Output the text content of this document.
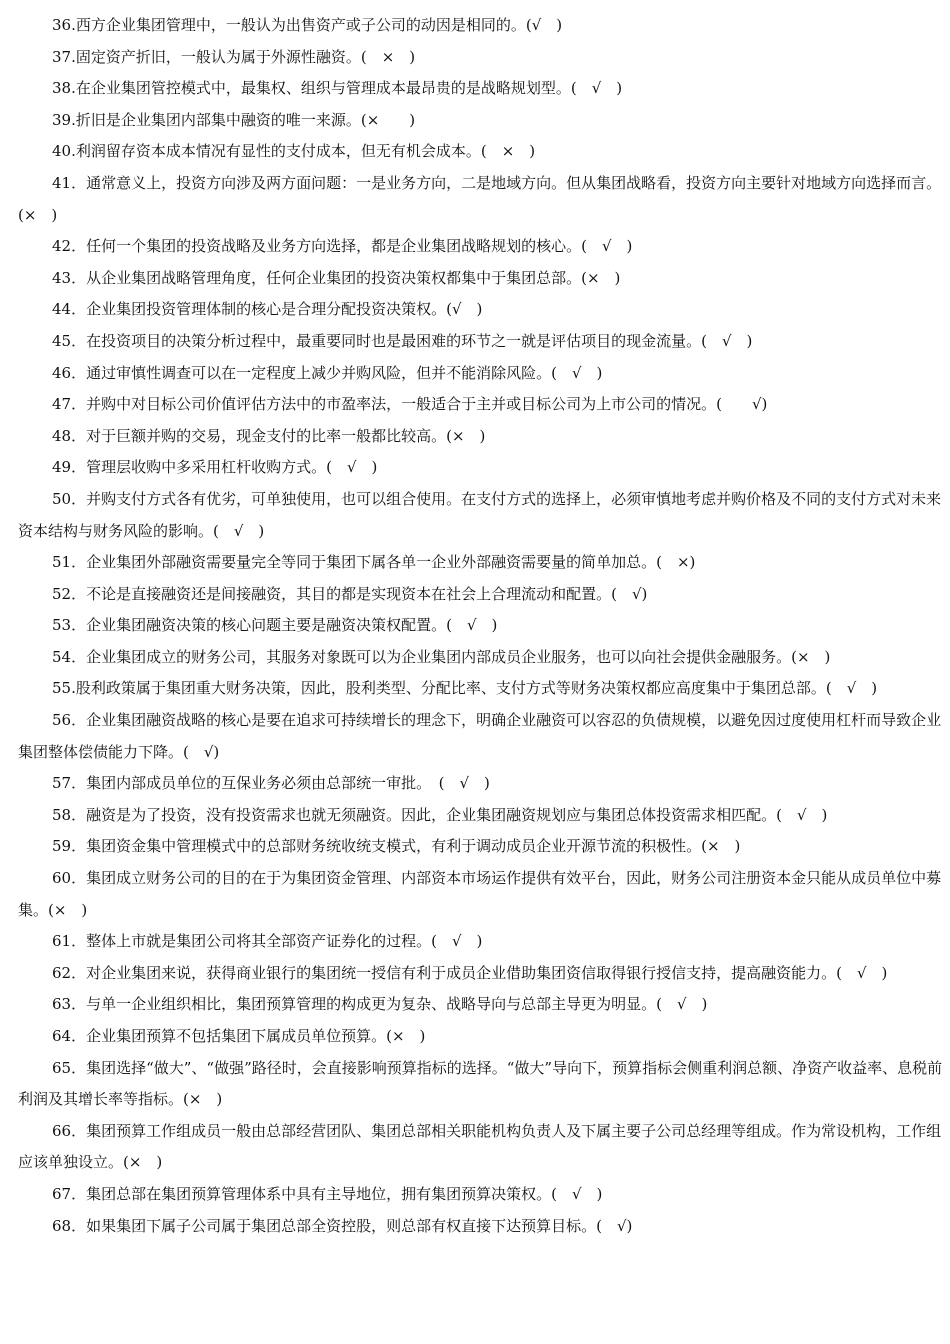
36.西方企业集团管理中，一般认为出售资产或子公司的动因是相同的。(√　)

37.固定资产折旧，一般认为属于外源性融资。(　×　)

38.在企业集团管控模式中，最集权、组织与管理成本最昂贵的是战略规划型。(　√　)

39.折旧是企业集团内部集中融资的唯一来源。(×　　)

40.利润留存资本成本情况有显性的支付成本，但无有机会成本。(　×　)

41．通常意义上，投资方向涉及两方面问题：一是业务方向，二是地域方向。但从集团战略看，投资方向主要针对地域方向选择而言。(×　)

42．任何一个集团的投资战略及业务方向选择，都是企业集团战略规划的核心。(　√　)

43．从企业集团战略管理角度，任何企业集团的投资决策权都集中于集团总部。(×　)

44．企业集团投资管理体制的核心是合理分配投资决策权。(√　)

45．在投资项目的决策分析过程中，最重要同时也是最困难的环节之一就是评估项目的现金流量。(　√　)

46．通过审慎性调查可以在一定程度上减少并购风险，但并不能消除风险。(　√　)

47．并购中对目标公司价值评估方法中的市盈率法，一般适合于主并或目标公司为上市公司的情况。(　　√)

48．对于巨额并购的交易，现金支付的比率一般都比较高。(×　)

49．管理层收购中多采用杠杆收购方式。(　√　)

50．并购支付方式各有优劣，可单独使用，也可以组合使用。在支付方式的选择上，必须审慎地考虑并购价格及不同的支付方式对未来资本结构与财务风险的影响。(　√　)

51．企业集团外部融资需要量完全等同于集团下属各单一企业外部融资需要量的简单加总。(　×)

52．不论是直接融资还是间接融资，其目的都是实现资本在社会上合理流动和配置。(　√)

53．企业集团融资决策的核心问题主要是融资决策权配置。(　√　)

54．企业集团成立的财务公司，其服务对象既可以为企业集团内部成员企业服务，也可以向社会提供金融服务。(×　)

55.股利政策属于集团重大财务决策，因此，股利类型、分配比率、支付方式等财务决策权都应高度集中于集团总部。(　√　)

56．企业集团融资战略的核心是要在追求可持续增长的理念下，明确企业融资可以容忍的负债规模，以避免因过度使用杠杆而导致企业集团整体偿债能力下降。(　√)

57．集团内部成员单位的互保业务必须由总部统一审批。　(　√　)

58．融资是为了投资，没有投资需求也就无须融资。因此，企业集团融资规划应与集团总体投资需求相匹配。(　√　)

59．集团资金集中管理模式中的总部财务统收统支模式，有利于调动成员企业开源节流的积极性。(×　)

60．集团成立财务公司的目的在于为集团资金管理、内部资本市场运作提供有效平台，因此，财务公司注册资本金只能从成员单位中募集。(×　)

61．整体上市就是集团公司将其全部资产证券化的过程。(　√　)

62．对企业集团来说，获得商业银行的集团统一授信有利于成员企业借助集团资信取得银行授信支持，提高融资能力。(　√　)

63．与单一企业组织相比，集团预算管理的构成更为复杂、战略导向与总部主导更为明显。(　√　)

64．企业集团预算不包括集团下属成员单位预算。(×　)

65．集团选择“做大”、“做强”路径时，会直接影响预算指标的选择。“做大”导向下，预算指标会侧重利润总额、净资产收益率、息税前利润及其增长率等指标。(×　)

66．集团预算工作组成员一般由总部经营团队、集团总部相关职能机构负责人及下属主要子公司总经理等组成。作为常设机构，工作组应该单独设立。(×　)

67．集团总部在集团预算管理体系中具有主导地位，拥有集团预算决策权。(　√　)

68．如果集团下属子公司属于集团总部全资控股，则总部有权直接下达预算目标。(　√)
